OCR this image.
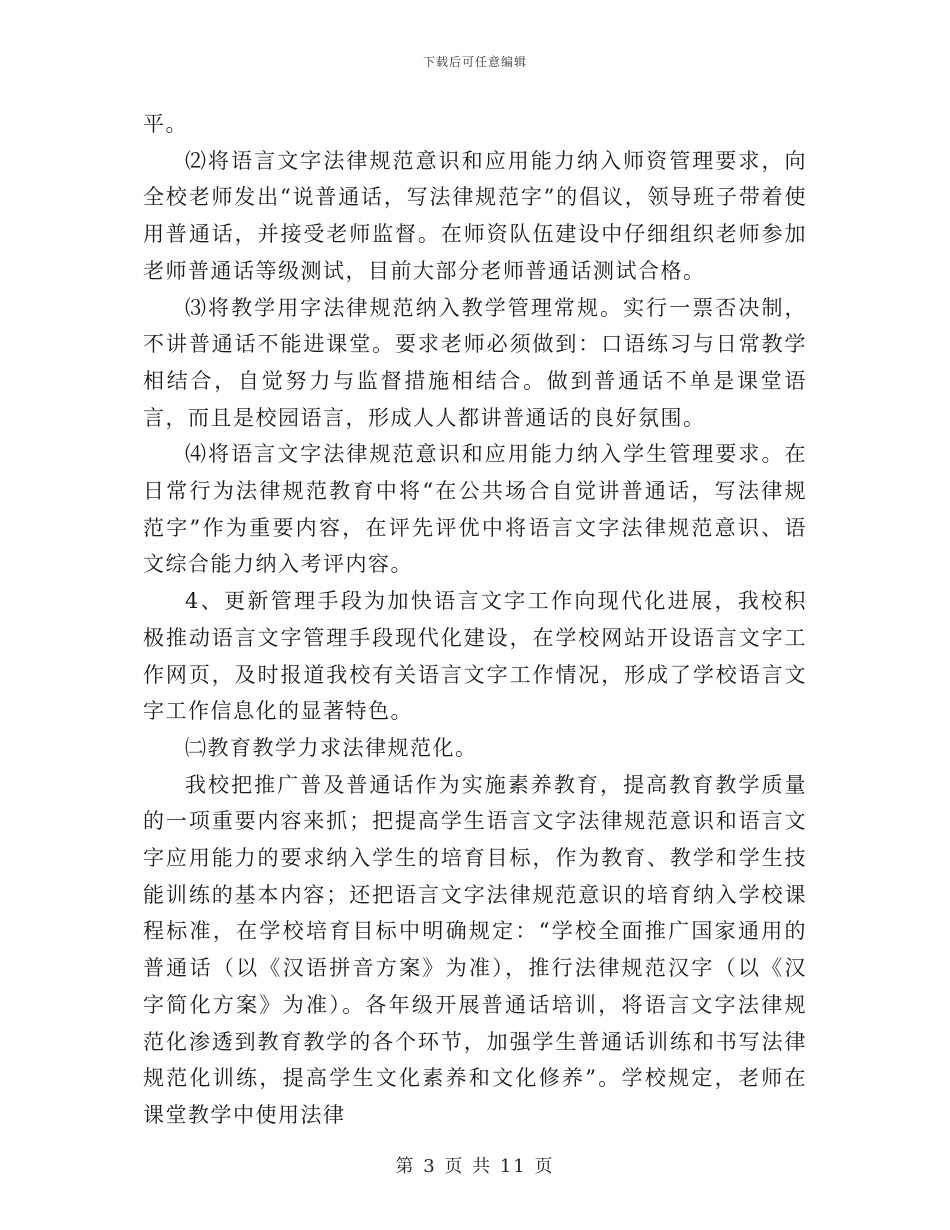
下载后可任意编辑

平。

⑵将语言文字法律规范意识和应用能力纳入师资管理要求，向全校老师发出“说普通话，写法律规范字”的倡议，领导班子带着使用普通话，并接受老师监督。在师资队伍建设中仔细组织老师参加老师普通话等级测试，目前大部分老师普通话测试合格。

⑶将教学用字法律规范纳入教学管理常规。实行一票否决制，不讲普通话不能进课堂。要求老师必须做到：口语练习与日常教学相结合，自觉努力与监督措施相结合。做到普通话不单是课堂语言，而且是校园语言，形成人人都讲普通话的良好氛围。

⑷将语言文字法律规范意识和应用能力纳入学生管理要求。在日常行为法律规范教育中将“在公共场合自觉讲普通话，写法律规范字”作为重要内容，在评先评优中将语言文字法律规范意识、语文综合能力纳入考评内容。

4、更新管理手段为加快语言文字工作向现代化进展，我校积极推动语言文字管理手段现代化建设，在学校网站开设语言文字工作网页，及时报道我校有关语言文字工作情况，形成了学校语言文字工作信息化的显著特色。

㈡教育教学力求法律规范化。

我校把推广普及普通话作为实施素养教育，提高教育教学质量的一项重要内容来抓；把提高学生语言文字法律规范意识和语言文字应用能力的要求纳入学生的培育目标，作为教育、教学和学生技能训练的基本内容；还把语言文字法律规范意识的培育纳入学校课程标准，在学校培育目标中明确规定：“学校全面推广国家通用的普通话（以《汉语拼音方案》为准），推行法律规范汉字（以《汉字简化方案》为准）。各年级开展普通话培训，将语言文字法律规范化渗透到教育教学的各个环节，加强学生普通话训练和书写法律规范化训练，提高学生文化素养和文化修养”。学校规定，老师在课堂教学中使用法律

第 3 页 共 11 页
